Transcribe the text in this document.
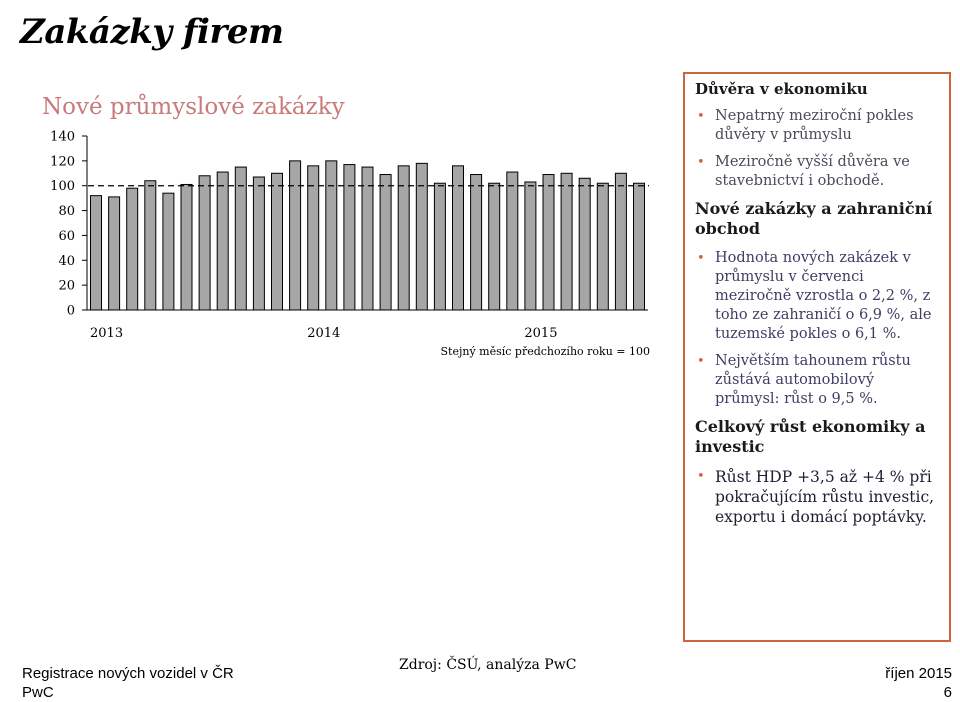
Zakázky firem
Nové průmyslové zakázky
0
20
40
60
80
100
120
140
2013	2014	2015
Stejný měsíc předchozího roku = 100
Důvěra v ekonomiku
• Nepatrný meziroční pokles důvěry v průmyslu
• Meziročně vyšší důvěra ve stavebnictví i obchodě.
Nové zakázky a zahraniční obchod
• Hodnota nových zakázek v průmyslu v červenci meziročně vzrostla o 2,2 %, z toho ze zahraničí o 6,9 %, ale tuzemské pokles o 6,1 %.
• Největším tahounem růstu zůstává automobilový průmysl: růst o 9,5 %.
Celkový růst ekonomiky a investic
• Růst HDP +3,5 až +4 % při pokračujícím růstu investic, exportu i domácí poptávky.
Registrace nových vozidel v ČR
PwC
Zdroj: ČSÚ, analýza PwC	říjen 2015
6
